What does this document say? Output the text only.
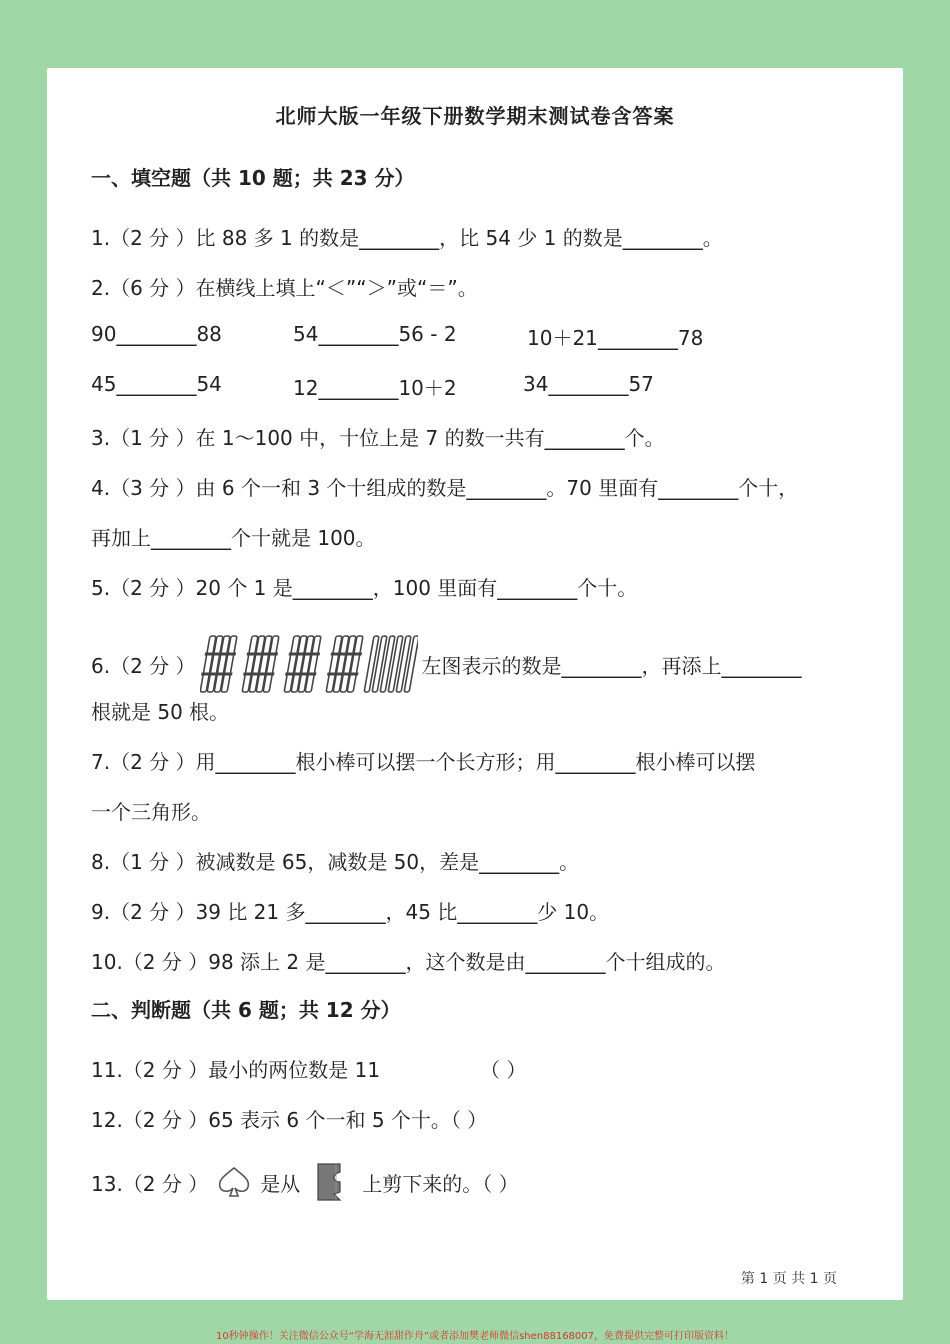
北师大版一年级下册数学期末测试卷含答案
一、填空题（共 10 题；共 23 分）
1.（2 分 ）比 88 多 1 的数是________，比 54 少 1 的数是________。
2.（6 分 ）在横线上填上“＜”“＞”或“＝”。
90________88	54________56 - 2	10＋21________78
45________54	12________10＋2	34________57
3.（1 分 ）在 1～100 中，十位上是 7 的数一共有________个。
4.（3 分 ）由 6 个一和 3 个十组成的数是________。70 里面有________个十，
再加上________个十就是 100。
5.（2 分 ）20 个 1 是________，100 里面有________个十。
6.（2 分 ）	左图表示的数是________，再添上________
根就是 50 根。
7.（2 分 ）用________根小棒可以摆一个长方形；用________根小棒可以摆
一个三角形。
8.（1 分 ）被减数是 65，减数是 50，差是________。
9.（2 分 ）39 比 21 多________，45 比________少 10。
10.（2 分 ）98 添上 2 是________，这个数是由________个十组成的。
二、判断题（共 6 题；共 12 分）
11.（2 分 ）最小的两位数是 11	（ ）
12.（2 分 ）65 表示 6 个一和 5 个十。（ ）
13.（2 分 ）	是从	上剪下来的。（ ）
第 1 页 共 1 页
10秒钟操作！关注微信公众号“学海无涯甜作舟”或者添加樊老师微信shen88168007，免费提供完整可打印版资料！
